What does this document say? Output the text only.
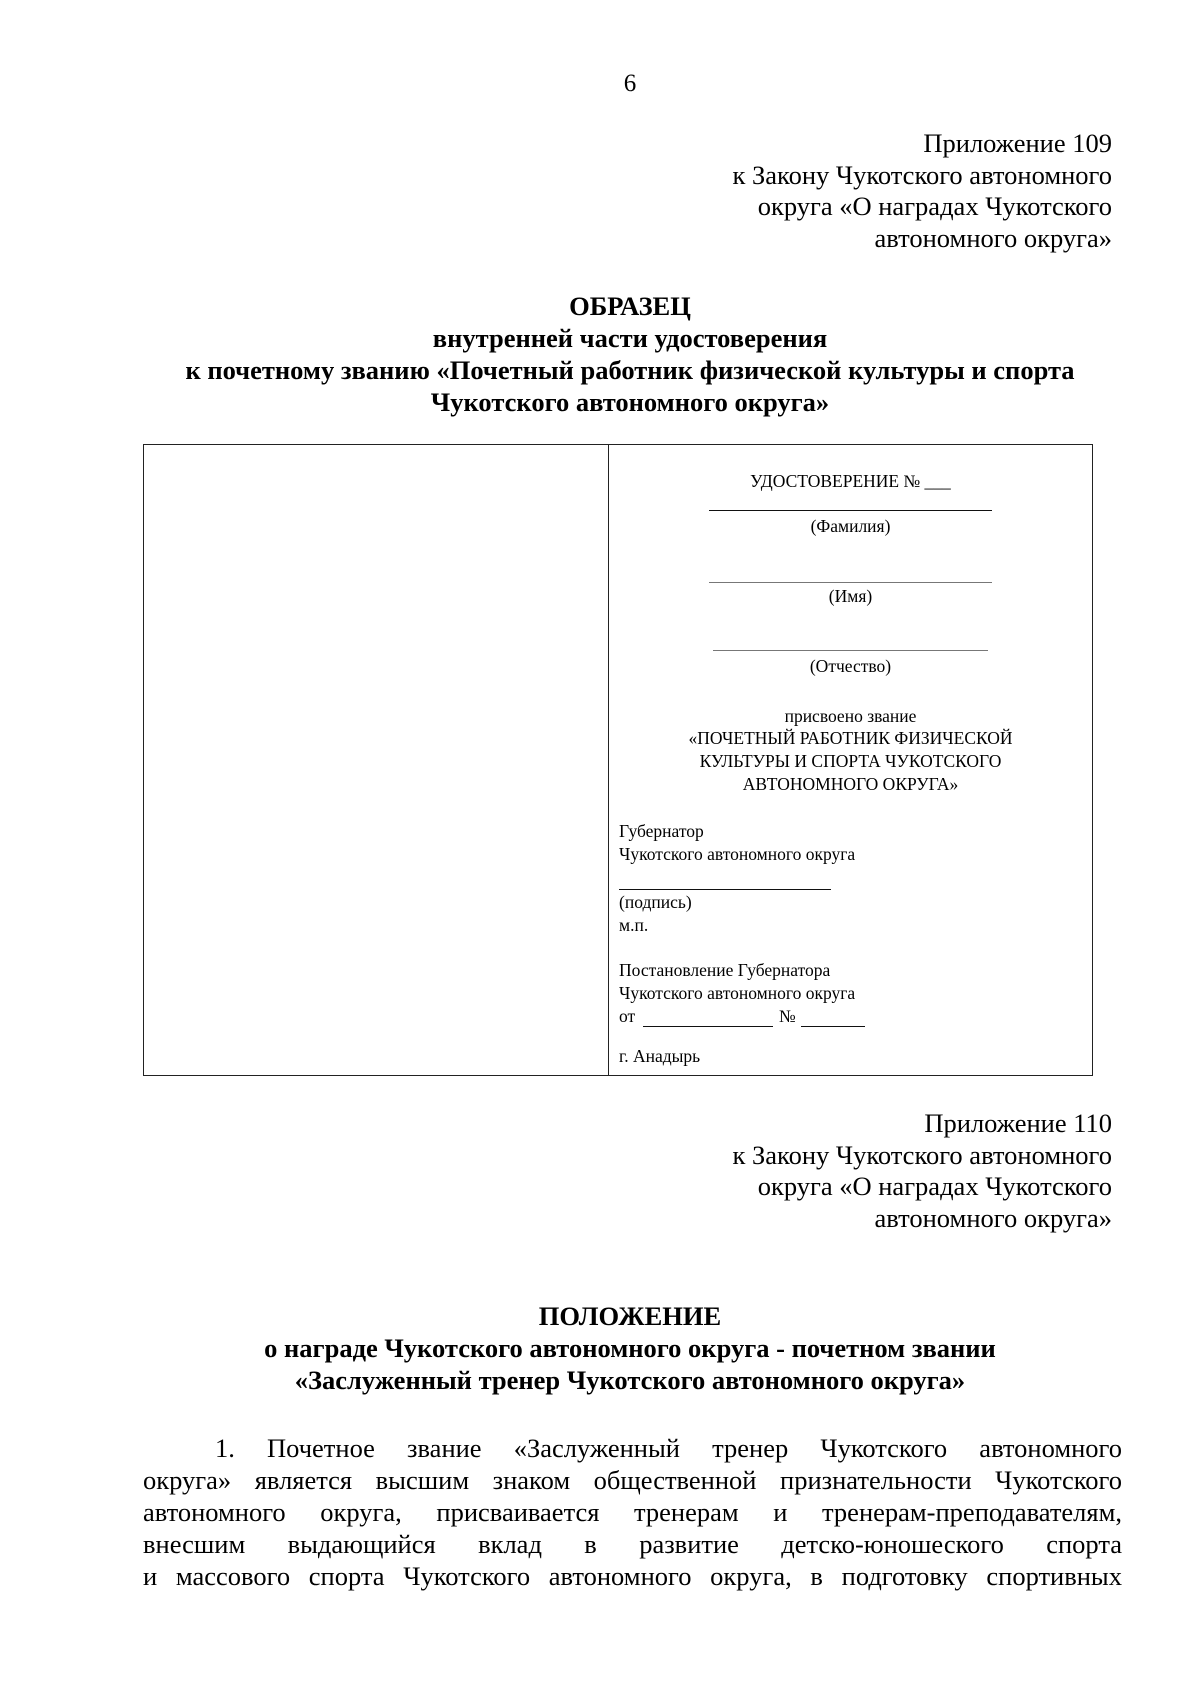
6
Приложение 109
к Закону Чукотского автономного
округа «О наградах Чукотского
автономного округа»
ОБРАЗЕЦ
внутренней части удостоверения
к почетному званию «Почетный работник физической культуры и спорта
Чукотского автономного округа»
УДОСТОВЕРЕНИЕ № ___
(Фамилия)
(Имя)
(Отчество)
присвоено звание
«ПОЧЕТНЫЙ РАБОТНИК ФИЗИЧЕСКОЙ
КУЛЬТУРЫ И СПОРТА ЧУКОТСКОГО
АВТОНОМНОГО ОКРУГА»
Губернатор
Чукотского автономного округа
(подпись)
м.п.
Постановление Губернатора
Чукотского автономного округа
от	№
г. Анадырь
Приложение 110
к Закону Чукотского автономного
округа «О наградах Чукотского
автономного округа»
ПОЛОЖЕНИЕ
о награде Чукотского автономного округа - почетном звании
«Заслуженный тренер Чукотского автономного округа»
1. Почетное звание «Заслуженный тренер Чукотского автономного
округа» является высшим знаком общественной признательности Чукотского
автономного округа, присваивается тренерам и тренерам-преподавателям,
внесшим выдающийся вклад в развитие детско-юношеского спорта
и массового спорта Чукотского автономного округа, в подготовку спортивных
